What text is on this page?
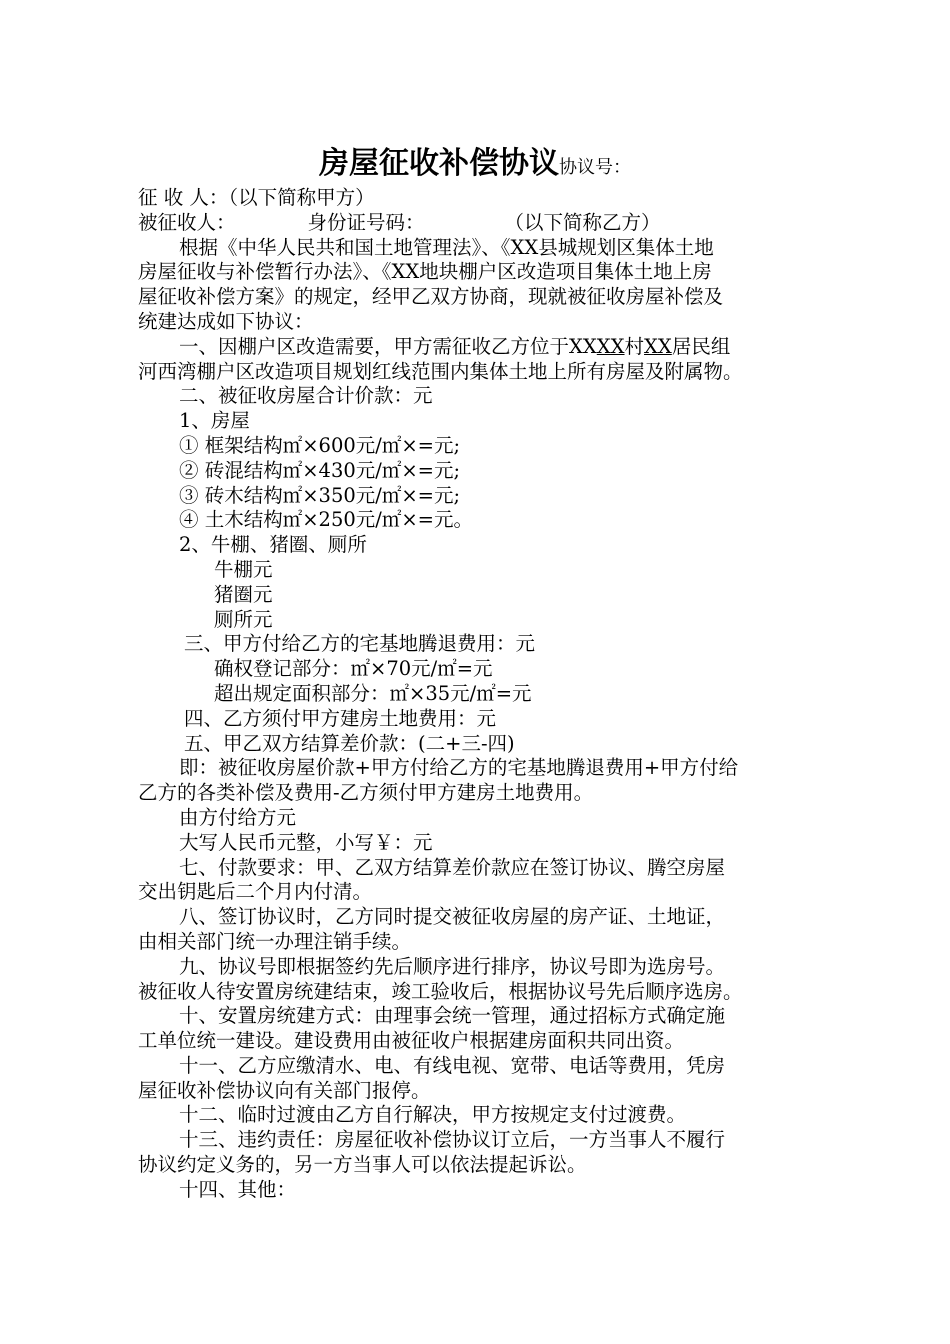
房屋征收补偿协议协议号：
征 收 人：（以下简称甲方）
被征收人：	身份证号码：	（以下简称乙方）
根据《中华人民共和国土地管理法》、《XX县城规划区集体土地
房屋征收与补偿暂行办法》、《XX地块棚户区改造项目集体土地上房
屋征收补偿方案》的规定，经甲乙双方协商，现就被征收房屋补偿及
统建达成如下协议：
一、因棚户区改造需要，甲方需征收乙方位于XXXX村XX居民组
河西湾棚户区改造项目规划红线范围内集体土地上所有房屋及附属物。
二、被征收房屋合计价款：元
1、房屋
① 框架结构㎡×600元/㎡×=元;
② 砖混结构㎡×430元/㎡×=元;
③ 砖木结构㎡×350元/㎡×=元;
④ 土木结构㎡×250元/㎡×=元。
2、牛棚、猪圈、厕所
牛棚元
猪圈元
厕所元
三、甲方付给乙方的宅基地腾退费用：元
确权登记部分：㎡×70元/㎡=元
超出规定面积部分：㎡×35元/㎡=元
四、乙方须付甲方建房土地费用：元
五、甲乙双方结算差价款：(二+三-四)
即：被征收房屋价款+甲方付给乙方的宅基地腾退费用+甲方付给
乙方的各类补偿及费用-乙方须付甲方建房土地费用。
由方付给方元
大写人民币元整，小写￥：元
七、付款要求：甲、乙双方结算差价款应在签订协议、腾空房屋
交出钥匙后二个月内付清。
八、签订协议时，乙方同时提交被征收房屋的房产证、土地证，
由相关部门统一办理注销手续。
九、协议号即根据签约先后顺序进行排序，协议号即为选房号。
被征收人待安置房统建结束，竣工验收后，根据协议号先后顺序选房。
十、安置房统建方式：由理事会统一管理，通过招标方式确定施
工单位统一建设。建设费用由被征收户根据建房面积共同出资。
十一、乙方应缴清水、电、有线电视、宽带、电话等费用，凭房
屋征收补偿协议向有关部门报停。
十二、临时过渡由乙方自行解决，甲方按规定支付过渡费。
十三、违约责任：房屋征收补偿协议订立后，一方当事人不履行
协议约定义务的，另一方当事人可以依法提起诉讼。
十四、其他：
